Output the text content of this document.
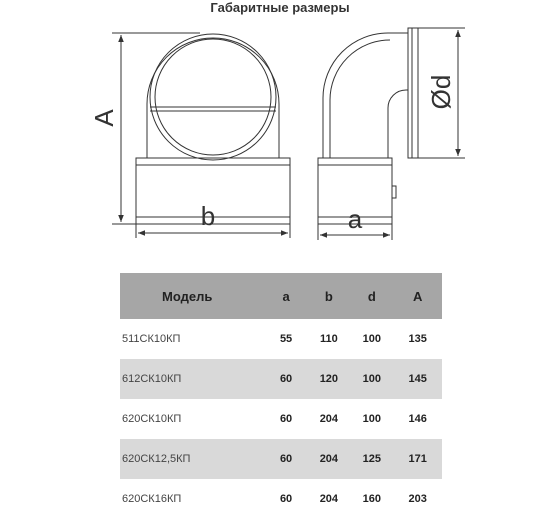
Габаритные размеры
A
b	a
Ød
Модель	a	b	d	A
511СК10КП	55	110	100	135
612СК10КП	60	120	100	145
620СК10КП	60	204	100	146
620СК12,5КП	60	204	125	171
620СК16КП	60	204	160	203
